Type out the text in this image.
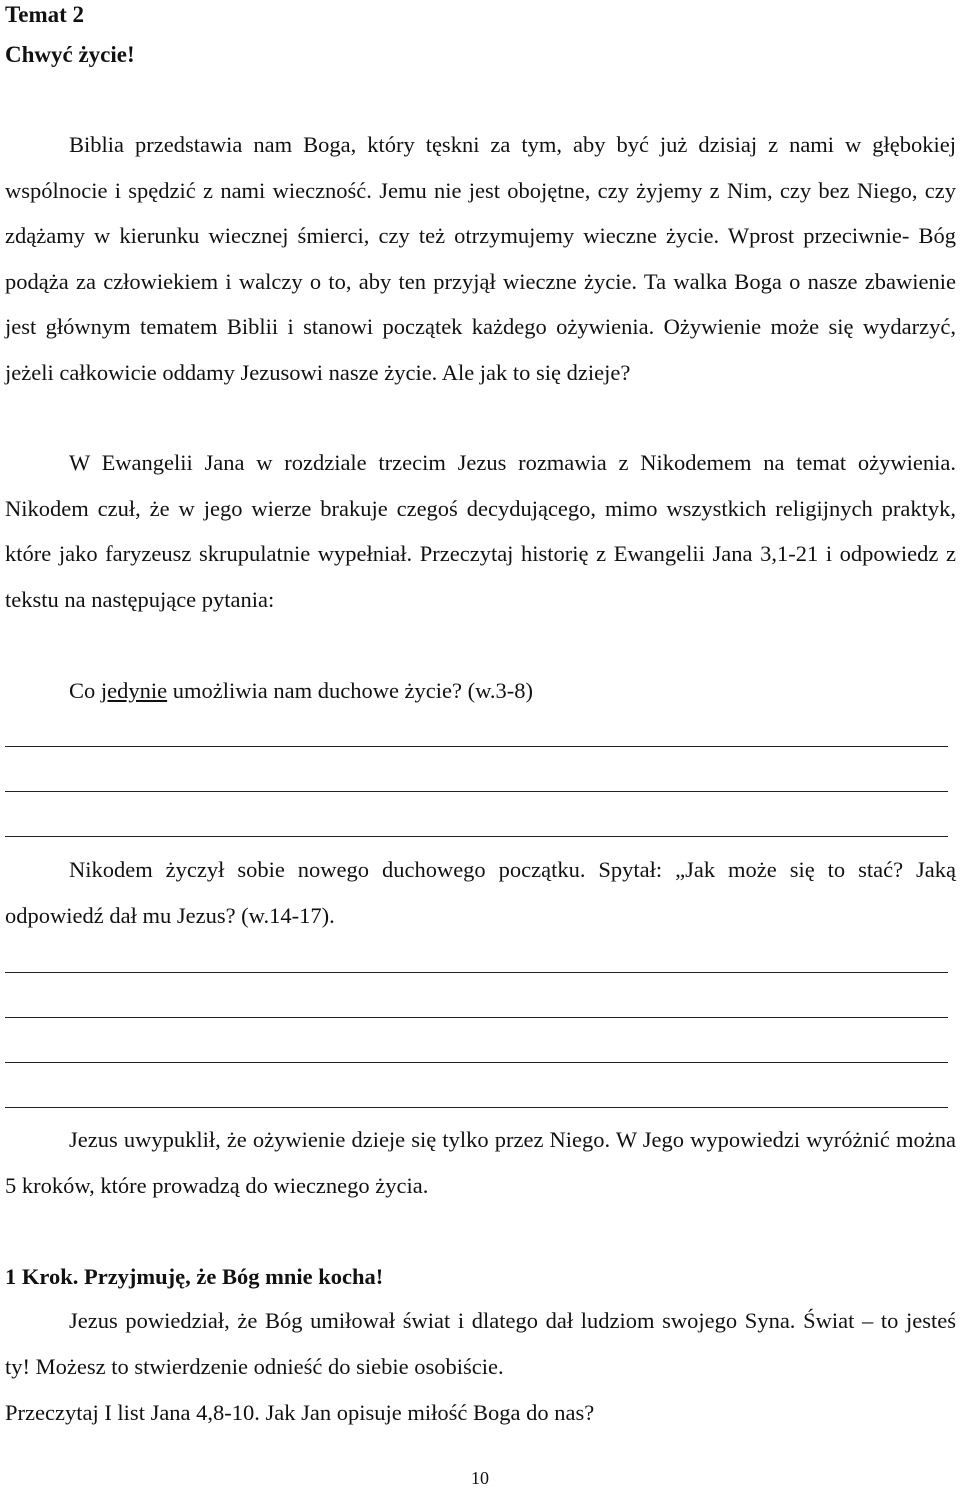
Temat 2
Chwyć życie!

Biblia przedstawia nam Boga, który tęskni za tym, aby być już dzisiaj z nami w głębokiej wspólnocie i spędzić z nami wieczność. Jemu nie jest obojętne, czy żyjemy z Nim, czy bez Niego, czy zdążamy w kierunku wiecznej śmierci, czy też otrzymujemy wieczne życie. Wprost przeciwnie- Bóg podąża za człowiekiem i walczy o to, aby ten przyjął wieczne życie. Ta walka Boga o nasze zbawienie jest głównym tematem Biblii i stanowi początek każdego ożywienia. Ożywienie może się wydarzyć, jeżeli całkowicie oddamy Jezusowi nasze życie. Ale jak to się dzieje?

W Ewangelii Jana w rozdziale trzecim Jezus rozmawia z Nikodemem na temat ożywienia. Nikodem czuł, że w jego wierze brakuje czegoś decydującego, mimo wszystkich religijnych praktyk, które jako faryzeusz skrupulatnie wypełniał. Przeczytaj historię z Ewangelii Jana 3,1-21 i odpowiedz z tekstu na następujące pytania:

Co jedynie umożliwia nam duchowe życie? (w.3-8)

Nikodem życzył sobie nowego duchowego początku. Spytał: „Jak może się to stać? Jaką odpowiedź dał mu Jezus? (w.14-17).

Jezus uwypuklił, że ożywienie dzieje się tylko przez Niego. W Jego wypowiedzi wyróżnić można 5 kroków, które prowadzą do wiecznego życia.

1 Krok. Przyjmuję, że Bóg mnie kocha!

Jezus powiedział, że Bóg umiłował świat i dlatego dał ludziom swojego Syna. Świat – to jesteś ty! Możesz to stwierdzenie odnieść do siebie osobiście.

Przeczytaj I list Jana 4,8-10. Jak Jan opisuje miłość Boga do nas?
10
